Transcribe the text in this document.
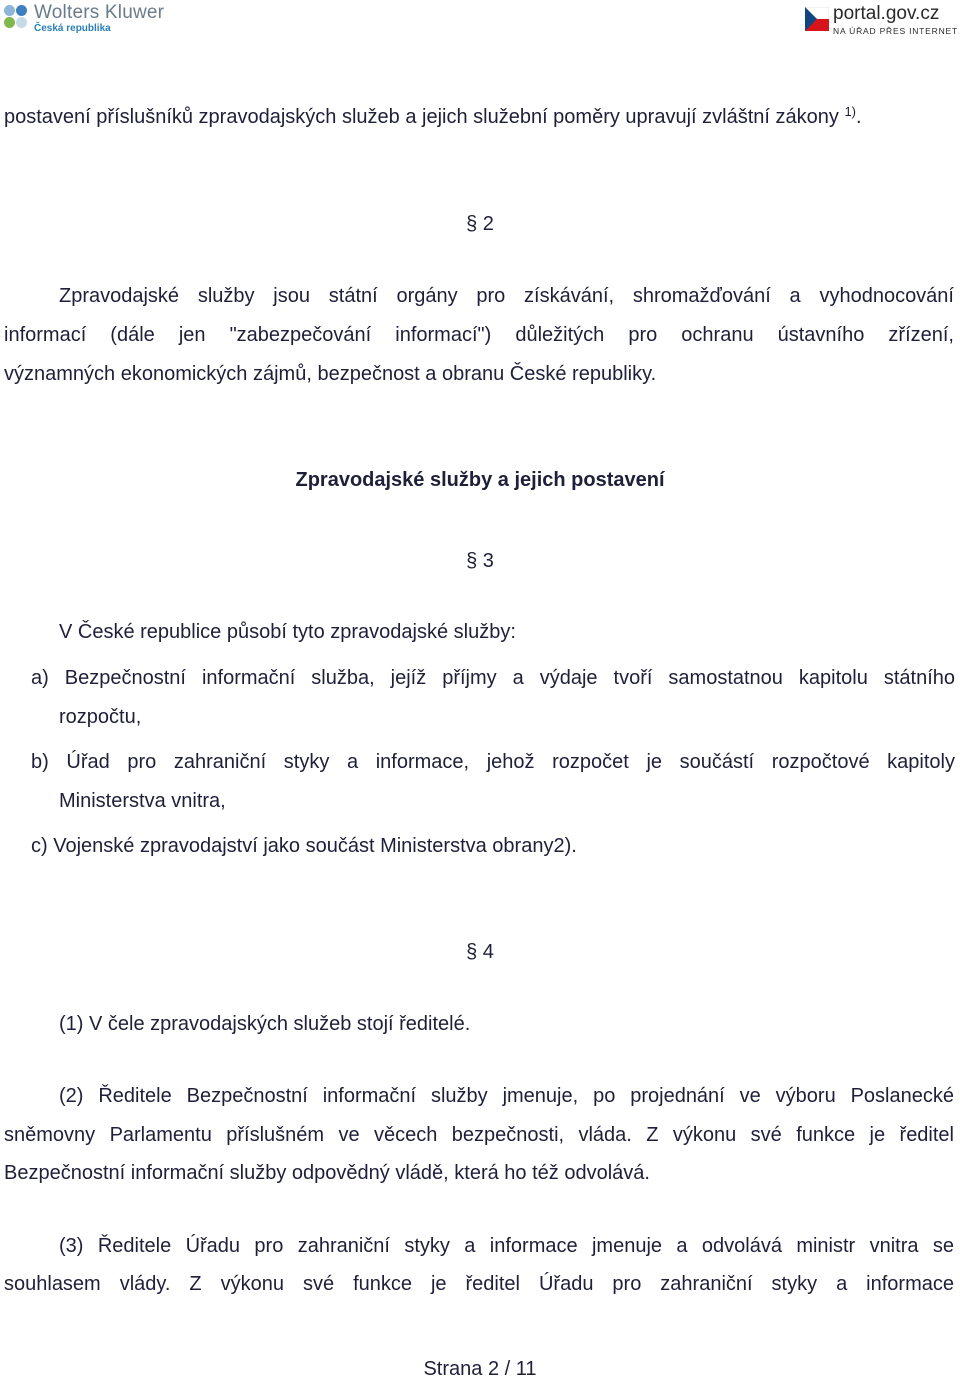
Wolters Kluwer
Česká republika
portal.gov.cz
NA ÚŘAD PŘES INTERNET
postavení příslušníků zpravodajských služeb a jejich služební poměry upravují zvláštní zákony $^{1)}$.
§ 2
Zpravodajské služby jsou státní orgány pro získávání, shromažďování a vyhodnocování
informací (dále jen "zabezpečování informací") důležitých pro ochranu ústavního zřízení,
významných ekonomických zájmů, bezpečnost a obranu České republiky.
Zpravodajské služby a jejich postavení
§ 3
V České republice působí tyto zpravodajské služby:
a) Bezpečnostní informační služba, jejíž příjmy a výdaje tvoří samostatnou kapitolu státního
rozpočtu,
b) Úřad pro zahraniční styky a informace, jehož rozpočet je součástí rozpočtové kapitoly
Ministerstva vnitra,
c) Vojenské zpravodajství jako součást Ministerstva obrany2).
§ 4
(1) V čele zpravodajských služeb stojí ředitelé.
(2) Ředitele Bezpečnostní informační služby jmenuje, po projednání ve výboru Poslanecké
sněmovny Parlamentu příslušném ve věcech bezpečnosti, vláda. Z výkonu své funkce je ředitel
Bezpečnostní informační služby odpovědný vládě, která ho též odvolává.
(3) Ředitele Úřadu pro zahraniční styky a informace jmenuje a odvolává ministr vnitra se
souhlasem vlády. Z výkonu své funkce je ředitel Úřadu pro zahraniční styky a informace
Strana 2 / 11
